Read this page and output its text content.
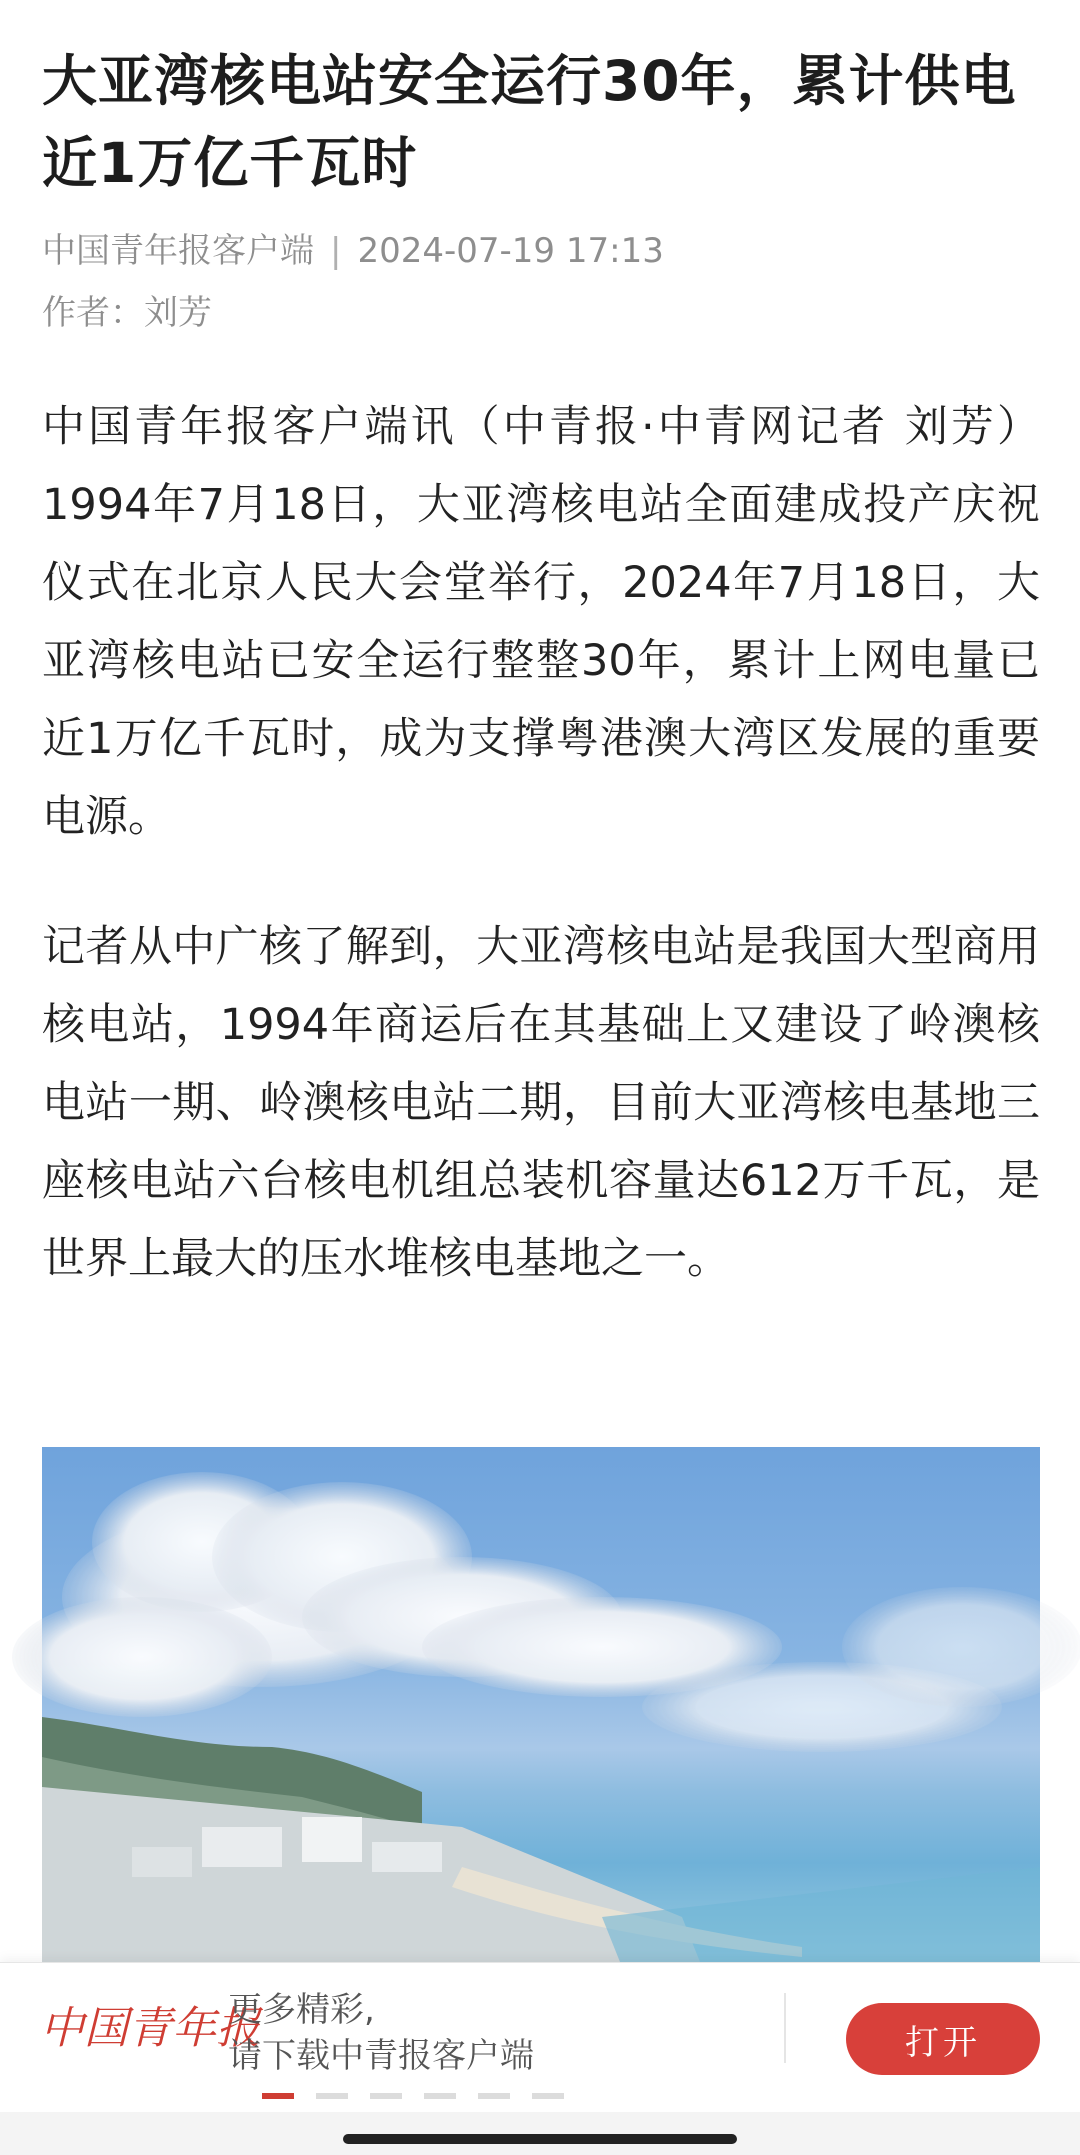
大亚湾核电站安全运行30年，累计供电近1万亿千瓦时
中国青年报客户端 | 2024-07-19 17:13
作者：刘芳

中国青年报客户端讯（中青报·中青网记者 刘芳）1994年7月18日，大亚湾核电站全面建成投产庆祝仪式在北京人民大会堂举行，2024年7月18日，大亚湾核电站已安全运行整整30年，累计上网电量已近1万亿千瓦时，成为支撑粤港澳大湾区发展的重要电源。

记者从中广核了解到，大亚湾核电站是我国大型商用核电站，1994年商运后在其基础上又建设了岭澳核电站一期、岭澳核电站二期，目前大亚湾核电基地三座核电站六台核电机组总装机容量达612万千瓦，是世界上最大的压水堆核电基地之一。

中国青年报
更多精彩,
请下载中青报客户端	打开
